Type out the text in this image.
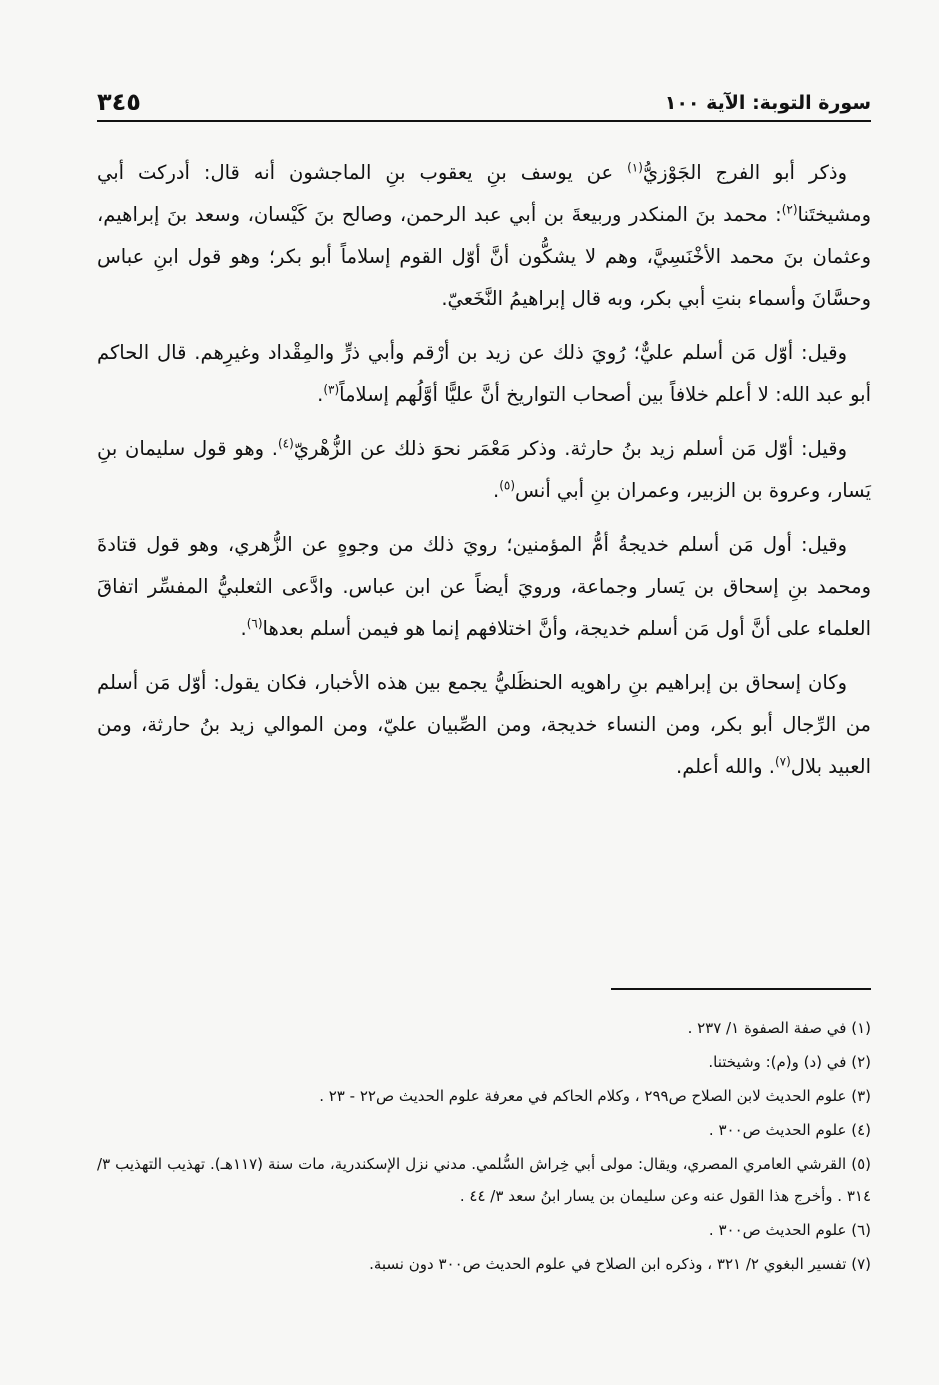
سورة التوبة: الآية ١٠٠
٣٤٥

وذكر أبو الفرج الجَوْزيُّ$^{(١)}$ عن يوسف بنِ يعقوب بنِ الماجشون أنه قال: أدركت أبي ومشيختَنا$^{(٢)}$: محمد بنَ المنكدر وربيعةَ بن أبي عبد الرحمن، وصالح بنَ كَيْسان، وسعد بنَ إبراهيم، وعثمان بنَ محمد الأخْنَسِيَّ، وهم لا يشكُّون أنَّ أوّل القوم إسلاماً أبو بكر؛ وهو قول ابنِ عباس وحسَّانَ وأسماء بنتِ أبي بكر، وبه قال إبراهيمُ النَّخَعيّ.

وقيل: أوّل مَن أسلم عليٌّ؛ رُويَ ذلك عن زيد بن أرْقم وأبي ذرٍّ والمِقْداد وغيرِهم. قال الحاكم أبو عبد الله: لا أعلم خلافاً بين أصحاب التواريخ أنَّ عليًّا أوَّلُهم إسلاماً$^{(٣)}$.

وقيل: أوّل مَن أسلم زيد بنُ حارثة. وذكر مَعْمَر نحوَ ذلك عن الزُّهْريّ$^{(٤)}$. وهو قول سليمان بنِ يَسار، وعروة بن الزبير، وعمران بنِ أبي أنس$^{(٥)}$.

وقيل: أول مَن أسلم خديجةُ أمُّ المؤمنين؛ رويَ ذلك من وجوهٍ عن الزُّهري، وهو قول قتادةَ ومحمد بنِ إسحاق بن يَسار وجماعة، ورويَ أيضاً عن ابن عباس. وادَّعى الثعلبيُّ المفسِّر اتفاقَ العلماء على أنَّ أول مَن أسلم خديجة، وأنَّ اختلافهم إنما هو فيمن أسلم بعدها$^{(٦)}$.

وكان إسحاق بن إبراهيم بنِ راهويه الحنظَليُّ يجمع بين هذه الأخبار، فكان يقول: أوّل مَن أسلم من الرِّجال أبو بكر، ومن النساء خديجة، ومن الصِّبيان عليّ، ومن الموالي زيد بنُ حارثة، ومن العبيد بلال$^{(٧)}$. والله أعلم.

(١) في صفة الصفوة ١/ ٢٣٧ .

(٢) في (د) و(م): وشيختنا.

(٣) علوم الحديث لابن الصلاح ص٢٩٩ ، وكلام الحاكم في معرفة علوم الحديث ص٢٢ - ٢٣ .

(٤) علوم الحديث ص٣٠٠ .

(٥) القرشي العامري المصري، ويقال: مولى أبي خِراش السُّلمي. مدني نزل الإسكندرية، مات سنة (١١٧هـ). تهذيب التهذيب ٣/ ٣١٤ . وأخرج هذا القول عنه وعن سليمان بن يسار ابنُ سعد ٣/ ٤٤ .

(٦) علوم الحديث ص٣٠٠ .

(٧) تفسير البغوي ٢/ ٣٢١ ، وذكره ابن الصلاح في علوم الحديث ص٣٠٠ دون نسبة.
